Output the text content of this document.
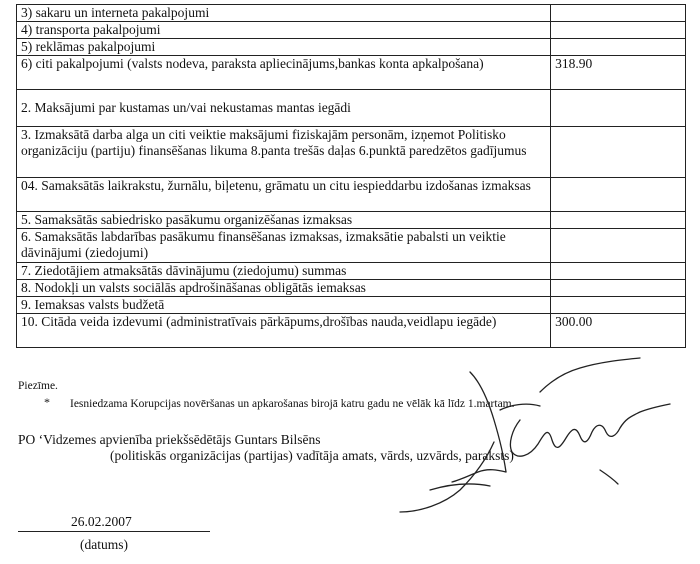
3) sakaru un interneta pakalpojumi	
4) transporta pakalpojumi	
5) reklāmas pakalpojumi	
6) citi pakalpojumi (valsts nodeva, paraksta apliecinājums,bankas konta apkalpošana)	318.90
2. Maksājumi par kustamas un/vai nekustamas mantas iegādi	
3. Izmaksātā darba alga un citi veiktie maksājumi fiziskajām personām, izņemot Politisko organizāciju (partiju) finansēšanas likuma 8.panta trešās daļas 6.punktā paredzētos gadījumus	
04. Samaksātās laikrakstu, žurnālu, biļetenu, grāmatu un citu iespieddarbu izdošanas izmaksas	
5. Samaksātās sabiedrisko pasākumu organizēšanas izmaksas	
6. Samaksātās labdarības pasākumu finansēšanas izmaksas, izmaksātie pabalsti un veiktie dāvinājumi (ziedojumi)	
7. Ziedotājiem atmaksātās dāvinājumu (ziedojumu) summas	
8. Nodokļi un valsts sociālās apdrošināšanas obligātās iemaksas	
9. Iemaksas valsts budžetā	
10. Citāda veida izdevumi (administratīvais pārkāpums,drošības nauda,veidlapu iegāde)	300.00
Piezīme.
* Iesniedzama Korupcijas novēršanas un apkarošanas birojā katru gadu ne vēlāk kā līdz 1.martam.
PO ‘Vidzemes apvienība priekšsēdētājs Guntars Bilsēns
(politiskās organizācijas (partijas) vadītāja amats, vārds, uzvārds, paraksts)
26.02.2007
(datums)
